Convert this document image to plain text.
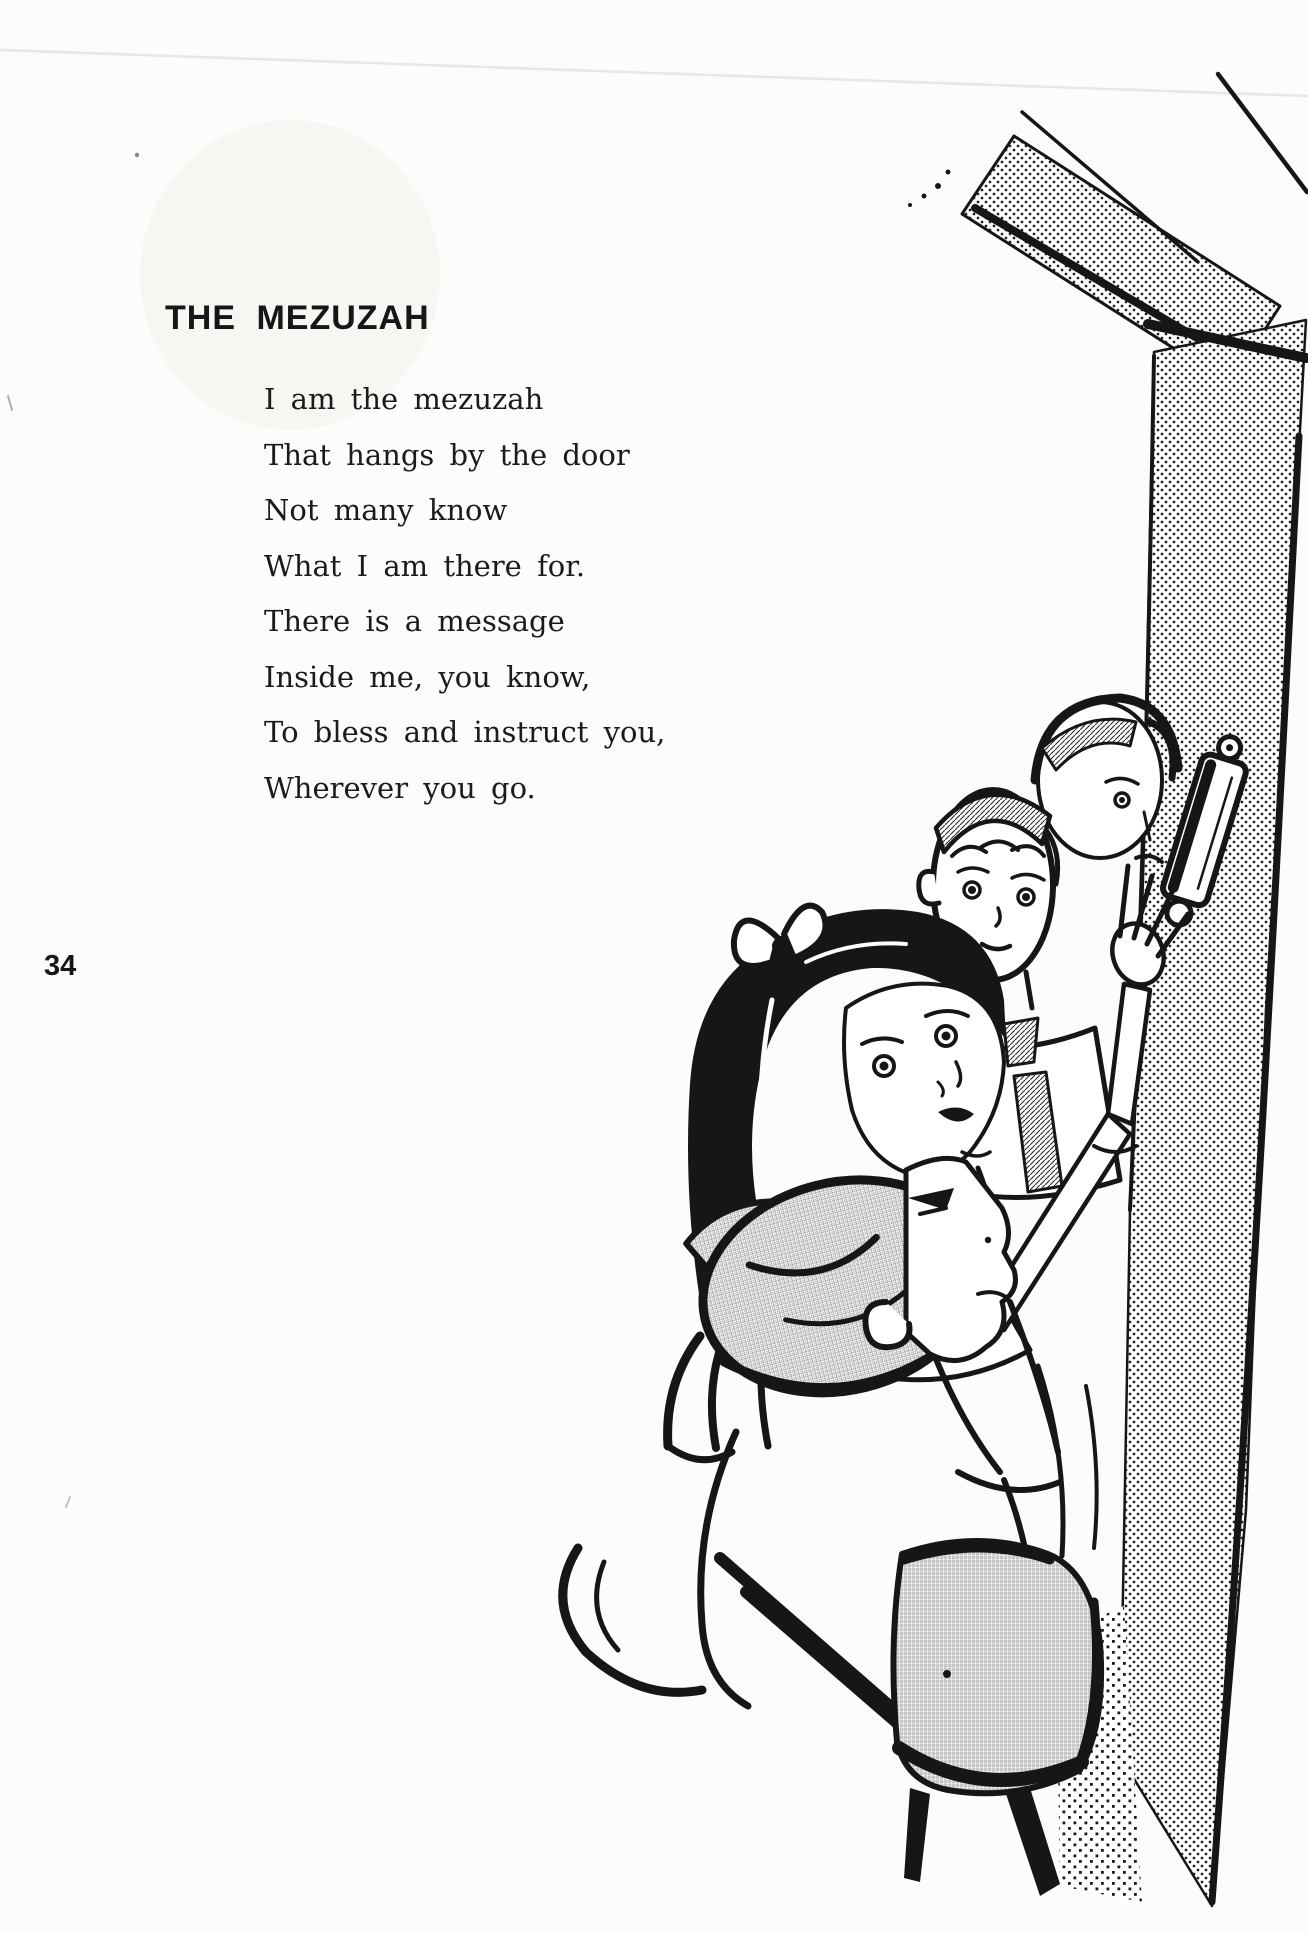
THE MEZUZAH

I am the mezuzah

That hangs by the door

Not many know

What I am there for.

There is a message

Inside me, you know,

To bless and instruct you,

Wherever you go.

34
